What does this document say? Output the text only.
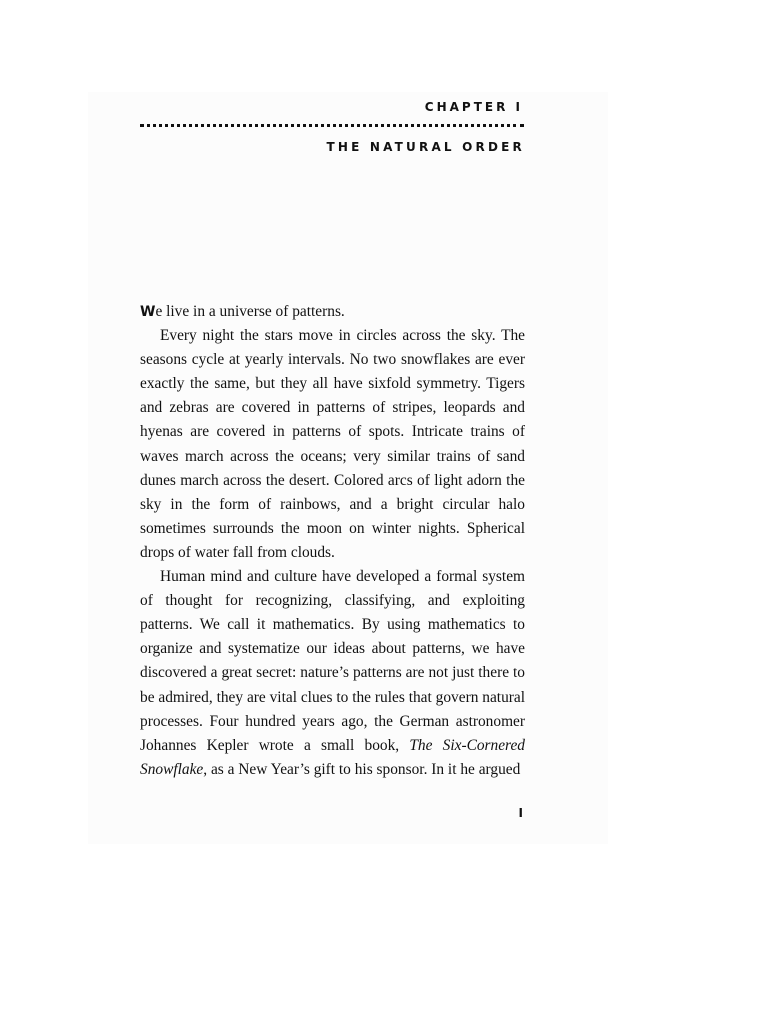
CHAPTER I
THE NATURAL ORDER

We live in a universe of patterns.

Every night the stars move in circles across the sky. The seasons cycle at yearly intervals. No two snowflakes are ever exactly the same, but they all have sixfold symmetry. Tigers and zebras are covered in patterns of stripes, leopards and hyenas are covered in patterns of spots. Intricate trains of waves march across the oceans; very similar trains of sand dunes march across the desert. Colored arcs of light adorn the sky in the form of rainbows, and a bright circular halo sometimes surrounds the moon on winter nights. Spherical drops of water fall from clouds.

Human mind and culture have developed a formal system of thought for recognizing, classifying, and exploiting patterns. We call it mathematics. By using mathematics to organize and systematize our ideas about patterns, we have discovered a great secret: nature’s patterns are not just there to be admired, they are vital clues to the rules that govern natural processes. Four hundred years ago, the German astronomer Johannes Kepler wrote a small book, The Six-Cornered Snowflake, as a New Year’s gift to his sponsor. In it he argued

I
